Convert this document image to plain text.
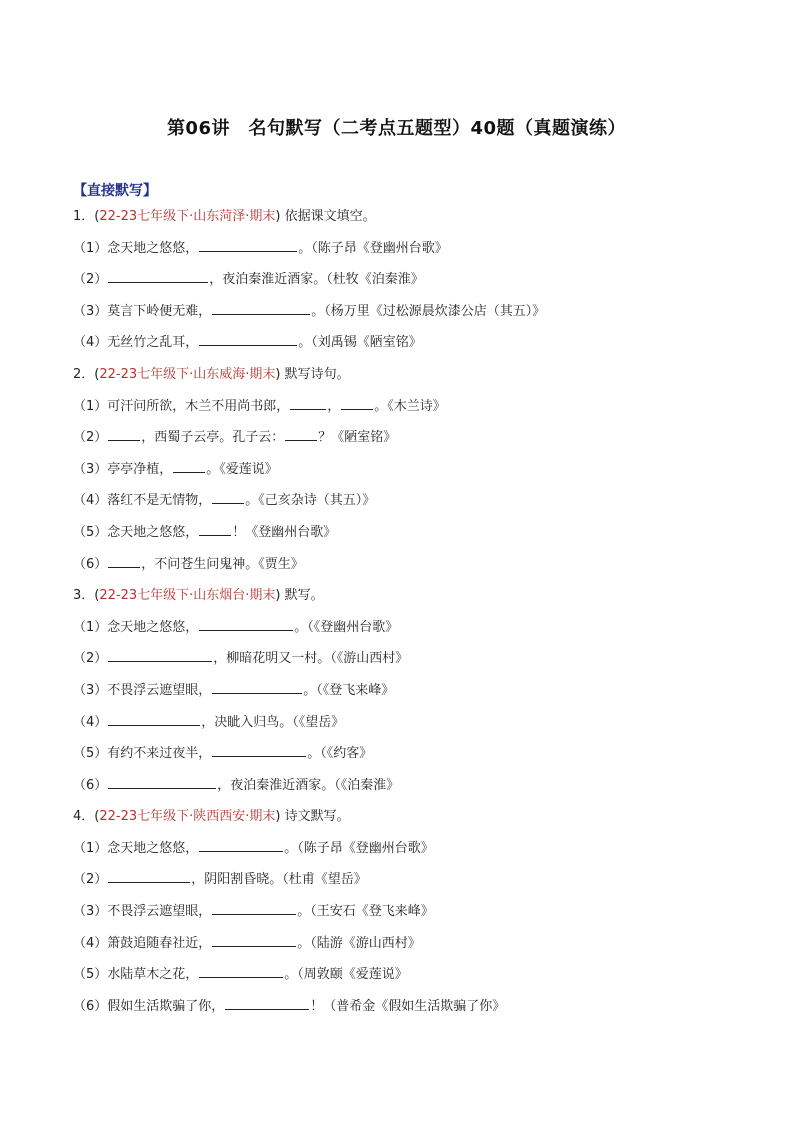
第06讲　名句默写（二考点五题型）40题（真题演练）
【直接默写】
1．(22-23七年级下·山东菏泽·期末) 依据课文填空。
（1）念天地之悠悠，	。（陈子昂《登幽州台歌》
（2）	，夜泊秦淮近酒家。（杜牧《泊秦淮》
（3）莫言下岭便无难，	。（杨万里《过松源晨炊漆公店（其五）》
（4）无丝竹之乱耳，	。（刘禹锡《陋室铭》
2．(22-23七年级下·山东威海·期末) 默写诗句。
（1）可汗问所欲，木兰不用尚书郎，	，	。《木兰诗》
（2）	，西蜀子云亭。孔子云：	？《陋室铭》
（3）亭亭净植，	。《爱莲说》
（4）落红不是无情物，	。《己亥杂诗（其五）》
（5）念天地之悠悠，	！《登幽州台歌》
（6）	，不问苍生问鬼神。《贾生》
3．(22-23七年级下·山东烟台·期末) 默写。
（1）念天地之悠悠，	。（《登幽州台歌》
（2）	，柳暗花明又一村。（《游山西村》
（3）不畏浮云遮望眼，	。（《登飞来峰》
（4）	，决眦入归鸟。（《望岳》
（5）有约不来过夜半，	。（《约客》
（6）	，夜泊秦淮近酒家。（《泊秦淮》
4．(22-23七年级下·陕西西安·期末) 诗文默写。
（1）念天地之悠悠，	。（陈子昂《登幽州台歌》
（2）	，阴阳割昏晓。（杜甫《望岳》
（3）不畏浮云遮望眼，	。（王安石《登飞来峰》
（4）箫鼓追随春社近，	。（陆游《游山西村》
（5）水陆草木之花，	。（周敦颐《爱莲说》
（6）假如生活欺骗了你，	！（普希金《假如生活欺骗了你》
